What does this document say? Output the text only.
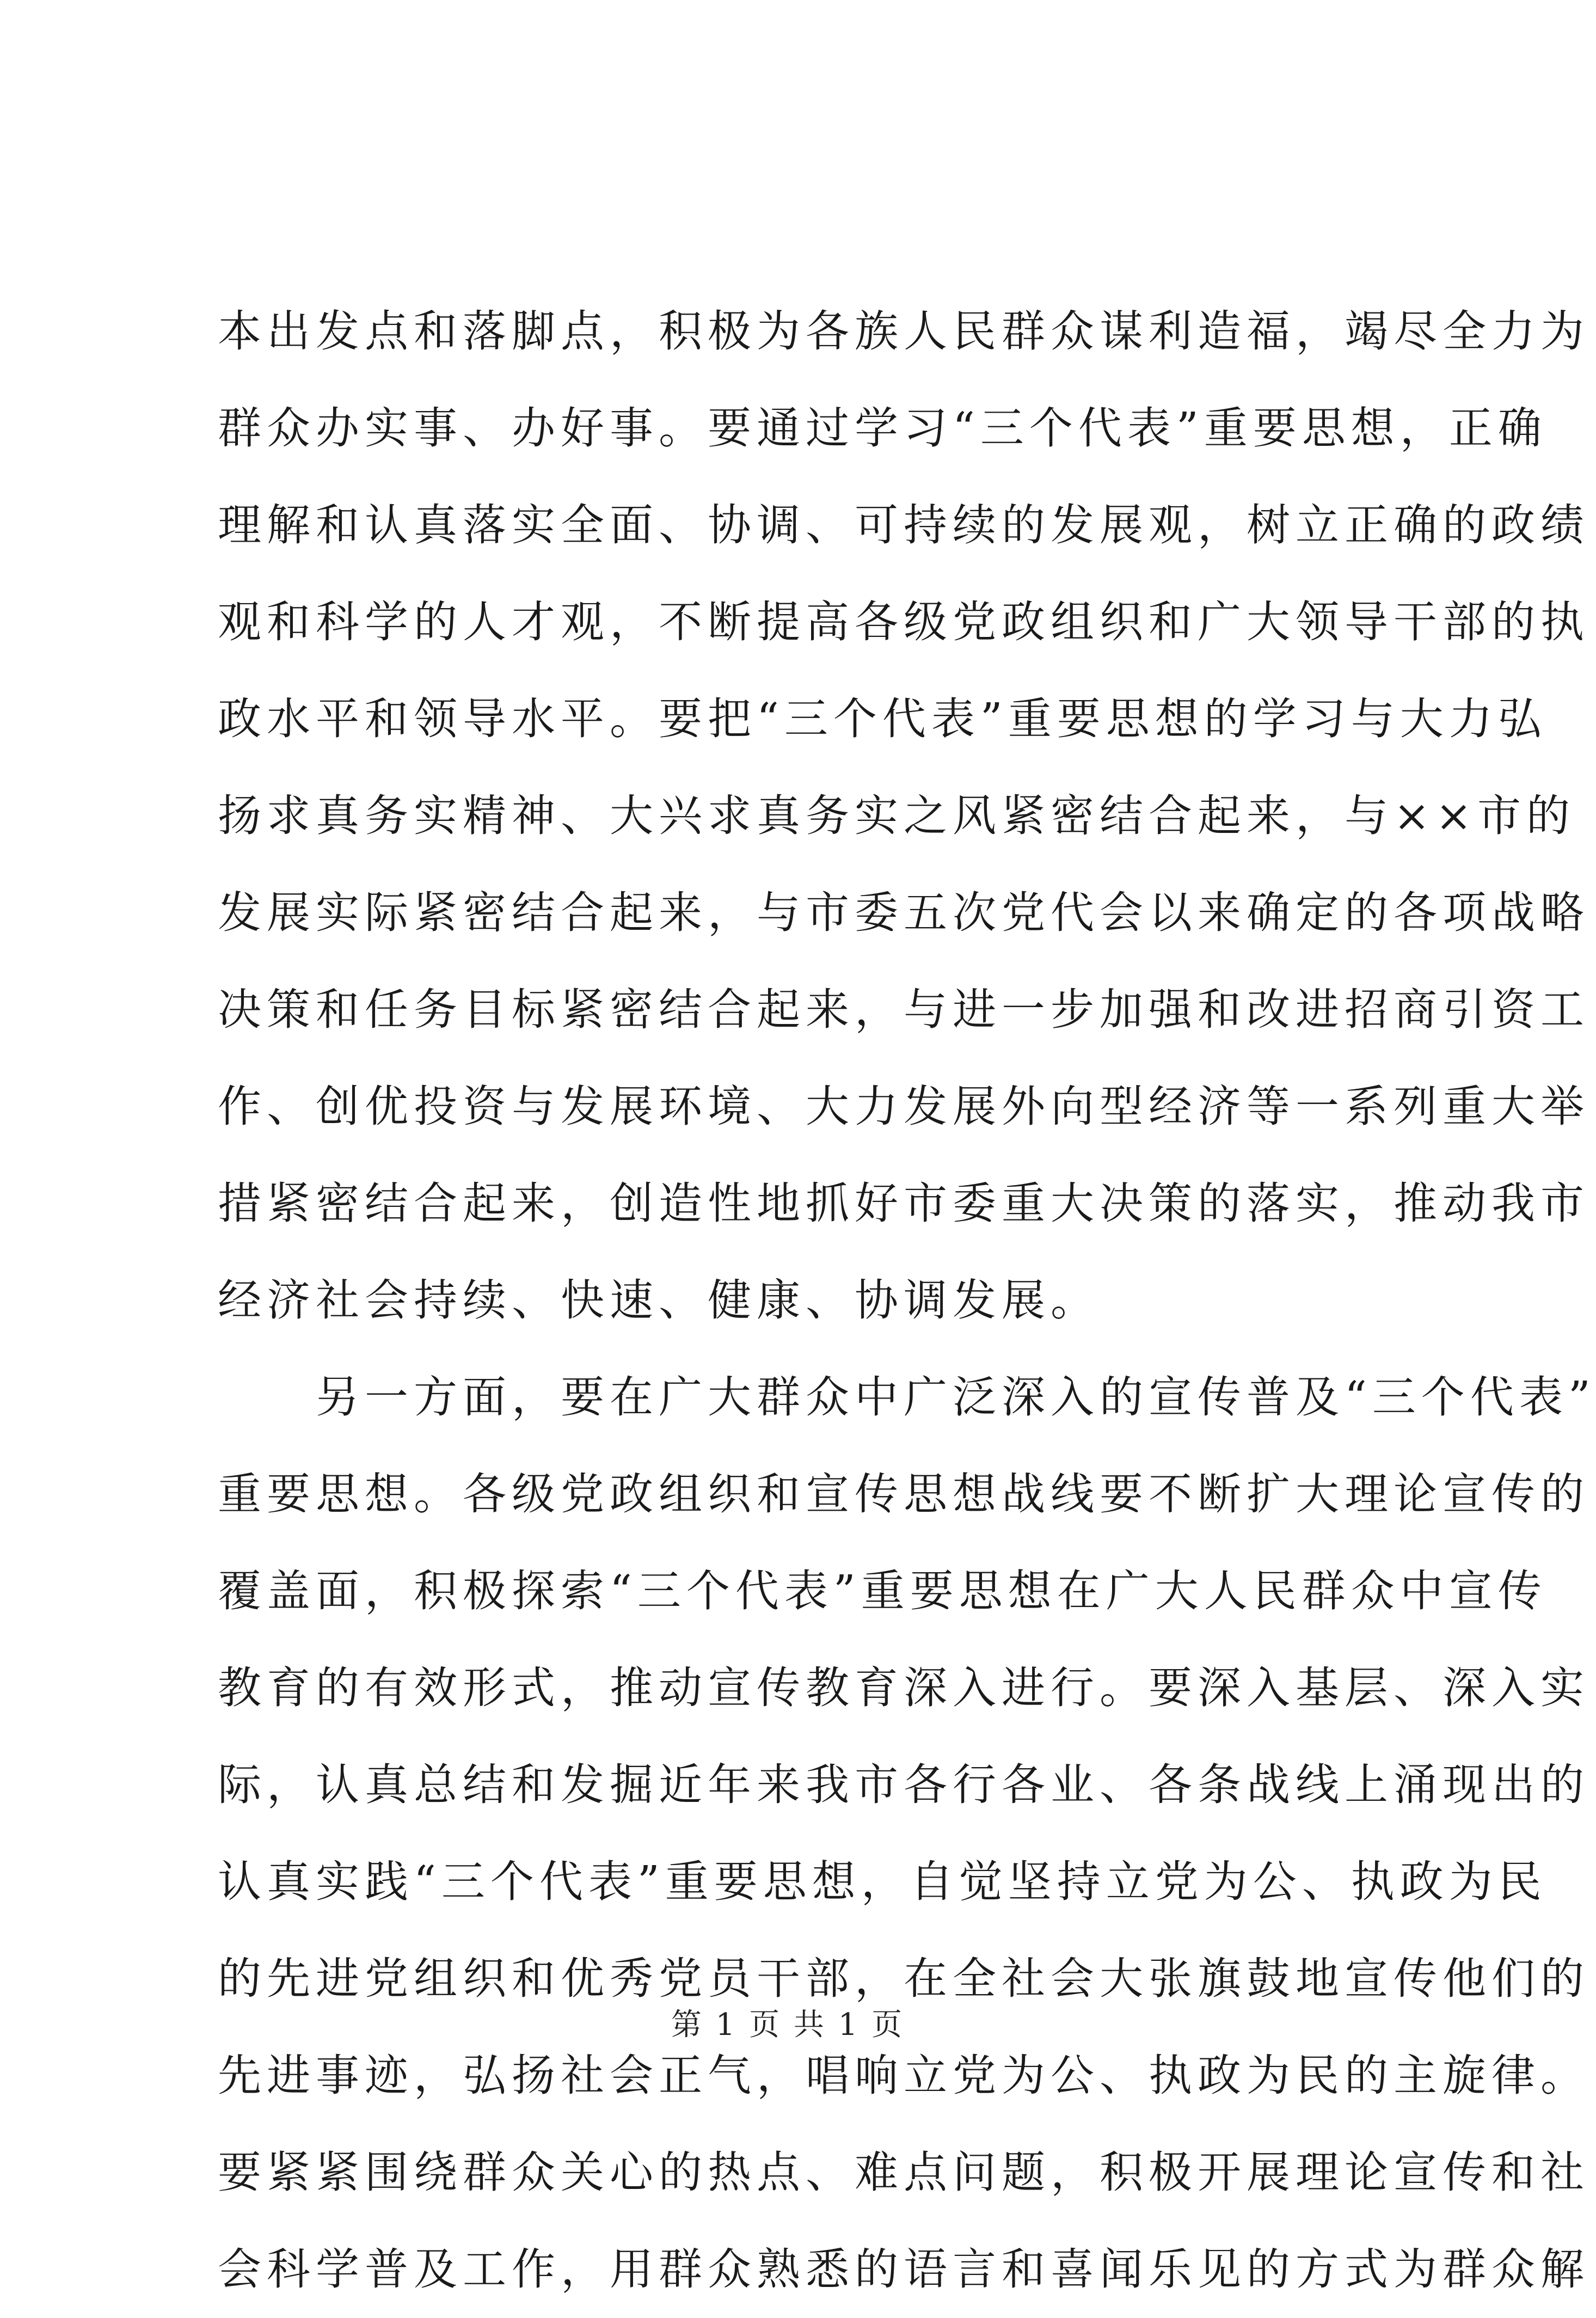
本出发点和落脚点，积极为各族人民群众谋利造福，竭尽全力为
群众办实事、办好事。要通过学习“三个代表”重要思想，正确
理解和认真落实全面、协调、可持续的发展观，树立正确的政绩
观和科学的人才观，不断提高各级党政组织和广大领导干部的执
政水平和领导水平。要把“三个代表”重要思想的学习与大力弘
扬求真务实精神、大兴求真务实之风紧密结合起来，与××市的
发展实际紧密结合起来，与市委五次党代会以来确定的各项战略
决策和任务目标紧密结合起来，与进一步加强和改进招商引资工
作、创优投资与发展环境、大力发展外向型经济等一系列重大举
措紧密结合起来，创造性地抓好市委重大决策的落实，推动我市
经济社会持续、快速、健康、协调发展。
　　另一方面，要在广大群众中广泛深入的宣传普及“三个代表”
重要思想。各级党政组织和宣传思想战线要不断扩大理论宣传的
覆盖面，积极探索“三个代表”重要思想在广大人民群众中宣传
教育的有效形式，推动宣传教育深入进行。要深入基层、深入实
际，认真总结和发掘近年来我市各行各业、各条战线上涌现出的
认真实践“三个代表”重要思想，自觉坚持立党为公、执政为民
的先进党组织和优秀党员干部，在全社会大张旗鼓地宣传他们的
先进事迹，弘扬社会正气，唱响立党为公、执政为民的主旋律。
要紧紧围绕群众关心的热点、难点问题，积极开展理论宣传和社
会科学普及工作，用群众熟悉的语言和喜闻乐见的方式为群众解
第 1 页 共 1 页
